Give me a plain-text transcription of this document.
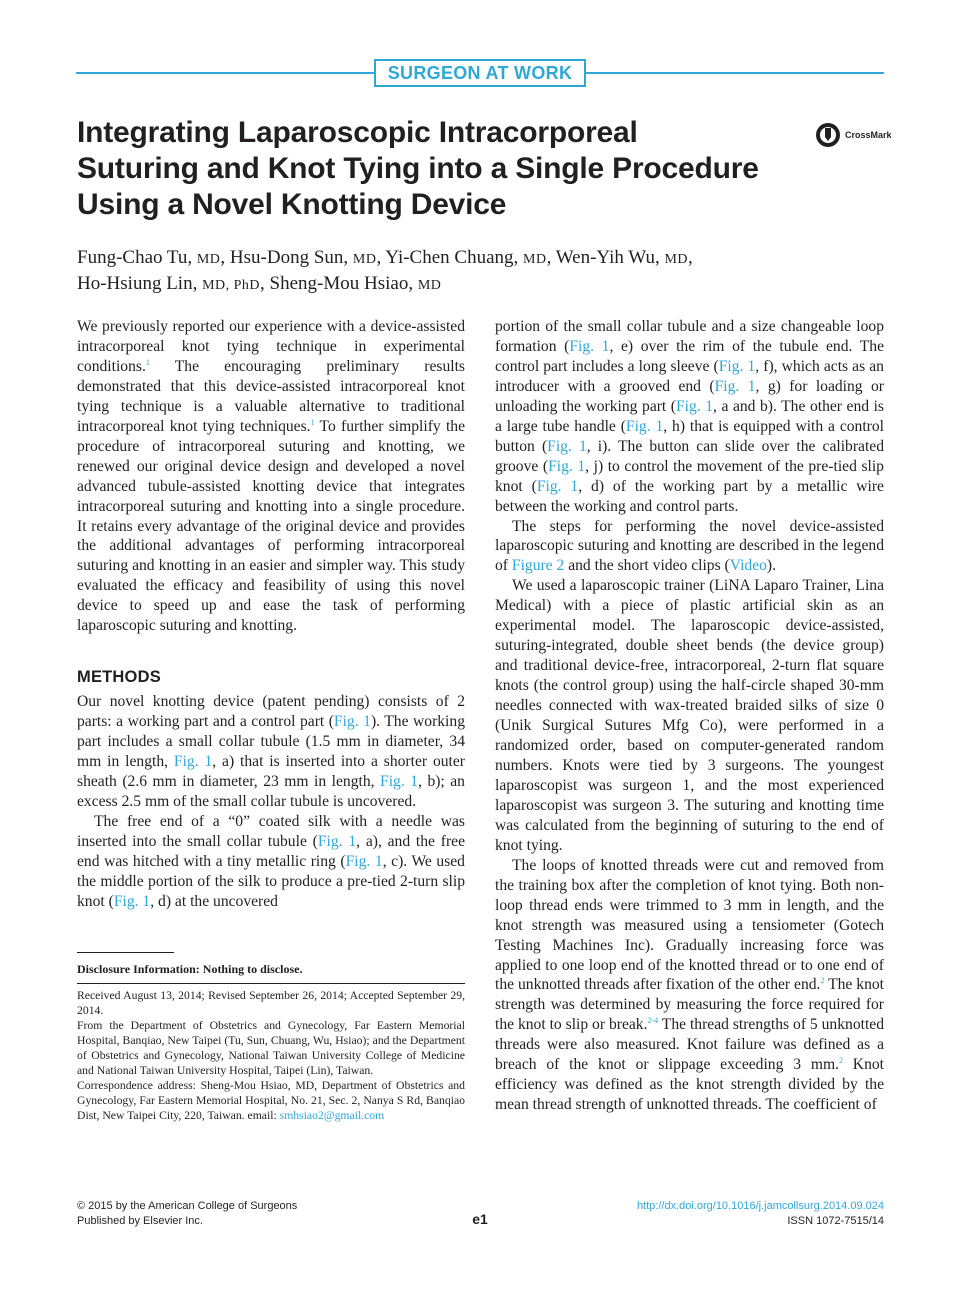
SURGEON AT WORK
Integrating Laparoscopic Intracorporeal
Suturing and Knot Tying into a Single Procedure
Using a Novel Knotting Device
CrossMark
Fung-Chao Tu, MD, Hsu-Dong Sun, MD, Yi-Chen Chuang, MD, Wen-Yih Wu, MD,
Ho-Hsiung Lin, MD, PhD, Sheng-Mou Hsiao, MD

We previously reported our experience with a device-assisted intracorporeal knot tying technique in experimental conditions.$^1$ The encouraging preliminary results demonstrated that this device-assisted intracorporeal knot tying technique is a valuable alternative to traditional intracorporeal knot tying techniques.$^1$ To further simplify the procedure of intracorporeal suturing and knotting, we renewed our original device design and developed a novel advanced tubule-assisted knotting device that integrates intracorporeal suturing and knotting into a single procedure. It retains every advantage of the original device and provides the additional advantages of performing intracorporeal suturing and knotting in an easier and simpler way. This study evaluated the efficacy and feasibility of using this novel device to speed up and ease the task of performing laparoscopic suturing and knotting.

METHODS

Our novel knotting device (patent pending) consists of 2 parts: a working part and a control part (Fig. 1). The working part includes a small collar tubule (1.5 mm in diameter, 34 mm in length, Fig. 1, a) that is inserted into a shorter outer sheath (2.6 mm in diameter, 23 mm in length, Fig. 1, b); an excess 2.5 mm of the small collar tubule is uncovered.

The free end of a “0” coated silk with a needle was inserted into the small collar tubule (Fig. 1, a), and the free end was hitched with a tiny metallic ring (Fig. 1, c). We used the middle portion of the silk to produce a pre-tied 2-turn slip knot (Fig. 1, d) at the uncovered

portion of the small collar tubule and a size changeable loop formation (Fig. 1, e) over the rim of the tubule end. The control part includes a long sleeve (Fig. 1, f), which acts as an introducer with a grooved end (Fig. 1, g) for loading or unloading the working part (Fig. 1, a and b). The other end is a large tube handle (Fig. 1, h) that is equipped with a control button (Fig. 1, i). The button can slide over the calibrated groove (Fig. 1, j) to control the movement of the pre-tied slip knot (Fig. 1, d) of the working part by a metallic wire between the working and control parts.

The steps for performing the novel device-assisted laparoscopic suturing and knotting are described in the legend of Figure 2 and the short video clips (Video).

We used a laparoscopic trainer (LiNA Laparo Trainer, Lina Medical) with a piece of plastic artificial skin as an experimental model. The laparoscopic device-assisted, suturing-integrated, double sheet bends (the device group) and traditional device-free, intracorporeal, 2-turn flat square knots (the control group) using the half-circle shaped 30-mm needles connected with wax-treated braided silks of size 0 (Unik Surgical Sutures Mfg Co), were performed in a randomized order, based on computer-generated random numbers. Knots were tied by 3 surgeons. The youngest laparoscopist was surgeon 1, and the most experienced laparoscopist was surgeon 3. The suturing and knotting time was calculated from the beginning of suturing to the end of knot tying.

The loops of knotted threads were cut and removed from the training box after the completion of knot tying. Both non-loop thread ends were trimmed to 3 mm in length, and the knot strength was measured using a tensiometer (Gotech Testing Machines Inc). Gradually increasing force was applied to one loop end of the knotted thread or to one end of the unknotted threads after fixation of the other end.$^2$ The knot strength was determined by measuring the force required for the knot to slip or break.$^{2-4}$ The thread strengths of 5 unknotted threads were also measured. Knot failure was defined as a breach of the knot or slippage exceeding 3 mm.$^2$ Knot efficiency was defined as the knot strength divided by the mean thread strength of unknotted threads. The coefficient of

Disclosure Information: Nothing to disclose.

Received August 13, 2014; Revised September 26, 2014; Accepted September 29, 2014.

From the Department of Obstetrics and Gynecology, Far Eastern Memorial Hospital, Banqiao, New Taipei (Tu, Sun, Chuang, Wu, Hsiao); and the Department of Obstetrics and Gynecology, National Taiwan University College of Medicine and National Taiwan University Hospital, Taipei (Lin), Taiwan.

Correspondence address: Sheng-Mou Hsiao, MD, Department of Obstetrics and Gynecology, Far Eastern Memorial Hospital, No. 21, Sec. 2, Nanya S Rd, Banqiao Dist, New Taipei City, 220, Taiwan. email: smhsiao2@gmail.com

© 2015 by the American College of Surgeons
Published by Elsevier Inc.	e1
http://dx.doi.org/10.1016/j.jamcollsurg.2014.09.024
ISSN 1072-7515/14
